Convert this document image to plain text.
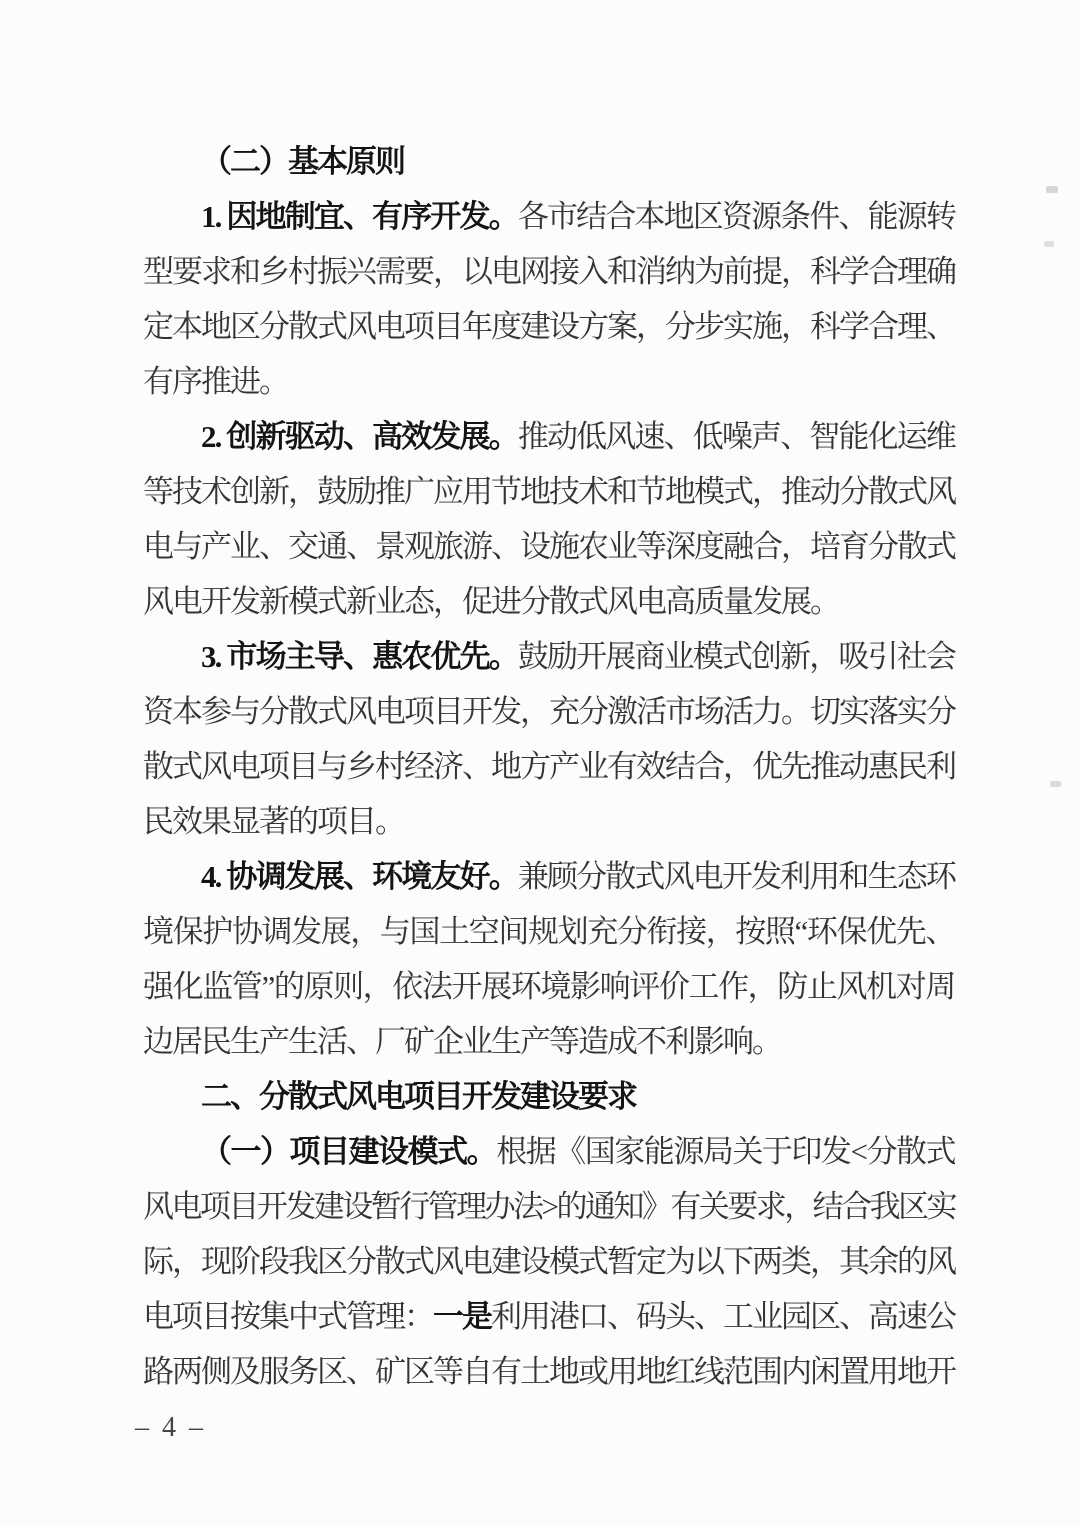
（二）基本原则
1. 因地制宜、有序开发。各市结合本地区资源条件、能源转
型要求和乡村振兴需要，以电网接入和消纳为前提，科学合理确
定本地区分散式风电项目年度建设方案，分步实施，科学合理、
有序推进。
2. 创新驱动、高效发展。推动低风速、低噪声、智能化运维
等技术创新，鼓励推广应用节地技术和节地模式，推动分散式风
电与产业、交通、景观旅游、设施农业等深度融合，培育分散式
风电开发新模式新业态，促进分散式风电高质量发展。
3. 市场主导、惠农优先。鼓励开展商业模式创新，吸引社会
资本参与分散式风电项目开发，充分激活市场活力。切实落实分
散式风电项目与乡村经济、地方产业有效结合，优先推动惠民利
民效果显著的项目。
4. 协调发展、环境友好。兼顾分散式风电开发利用和生态环
境保护协调发展，与国土空间规划充分衔接，按照“环保优先、
强化监管”的原则，依法开展环境影响评价工作，防止风机对周
边居民生产生活、厂矿企业生产等造成不利影响。
二、分散式风电项目开发建设要求
（一）项目建设模式。根据《国家能源局关于印发<分散式
风电项目开发建设暂行管理办法>的通知》有关要求，结合我区实
际，现阶段我区分散式风电建设模式暂定为以下两类，其余的风
电项目按集中式管理：一是利用港口、码头、工业园区、高速公
路两侧及服务区、矿区等自有土地或用地红线范围内闲置用地开
– 4 –
